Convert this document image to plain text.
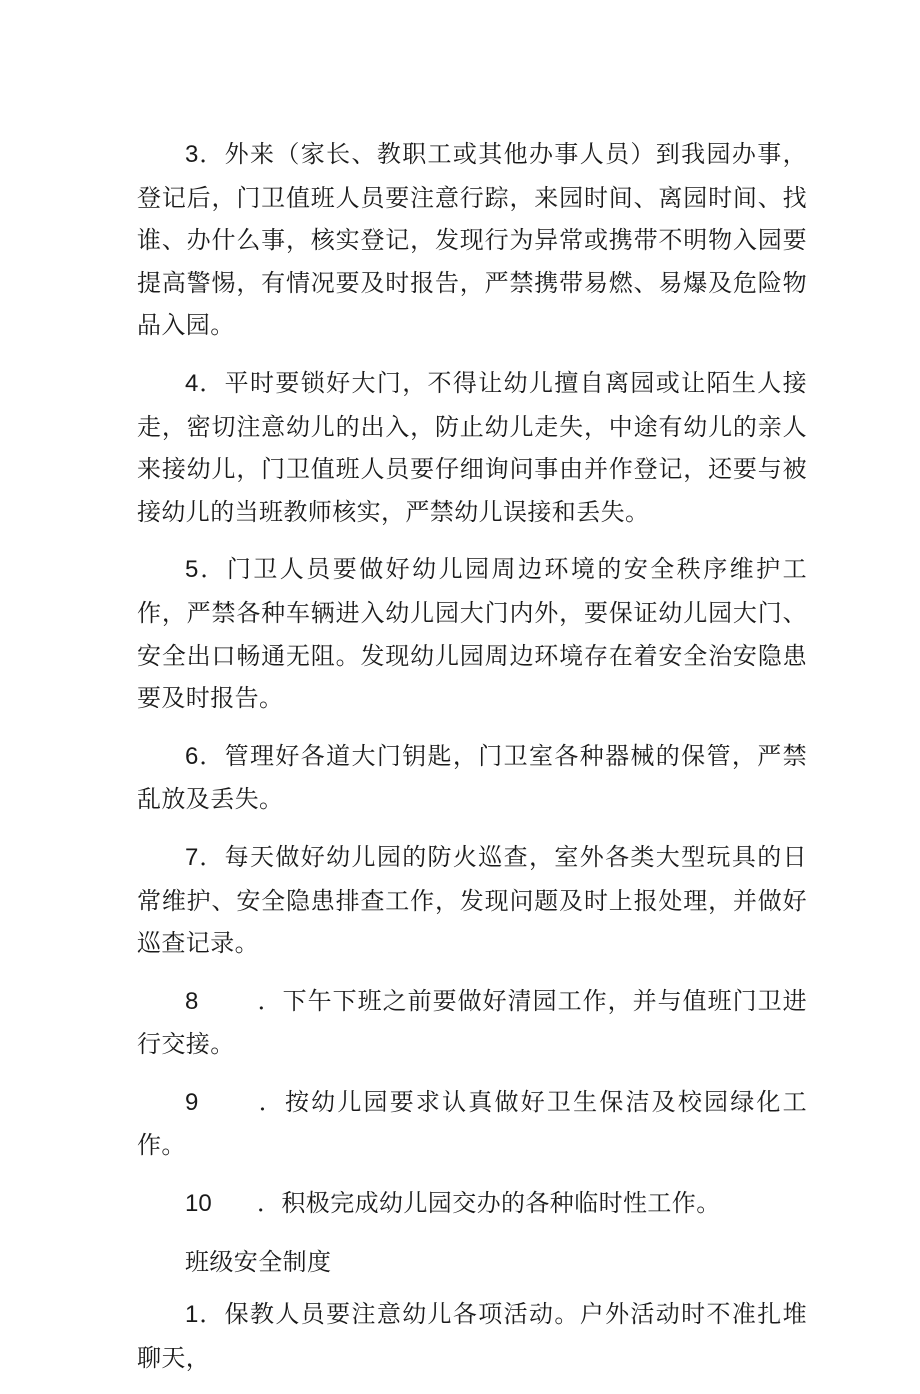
3．外来（家长、教职工或其他办事人员）到我园办事，登记后，门卫值班人员要注意行踪，来园时间、离园时间、找谁、办什么事，核实登记，发现行为异常或携带不明物入园要提高警惕，有情况要及时报告，严禁携带易燃、易爆及危险物品入园。

4．平时要锁好大门，不得让幼儿擅自离园或让陌生人接走，密切注意幼儿的出入，防止幼儿走失，中途有幼儿的亲人来接幼儿，门卫值班人员要仔细询问事由并作登记，还要与被接幼儿的当班教师核实，严禁幼儿误接和丢失。

5．门卫人员要做好幼儿园周边环境的安全秩序维护工作，严禁各种车辆进入幼儿园大门内外，要保证幼儿园大门、安全出口畅通无阻。发现幼儿园周边环境存在着安全治安隐患要及时报告。

6．管理好各道大门钥匙，门卫室各种器械的保管，严禁乱放及丢失。

7．每天做好幼儿园的防火巡查，室外各类大型玩具的日常维护、安全隐患排查工作，发现问题及时上报处理，并做好巡查记录。

8 ．下午下班之前要做好清园工作，并与值班门卫进行交接。

9 ．按幼儿园要求认真做好卫生保洁及校园绿化工作。

10 ．积极完成幼儿园交办的各种临时性工作。

班级安全制度

1．保教人员要注意幼儿各项活动。户外活动时不准扎堆聊天，
